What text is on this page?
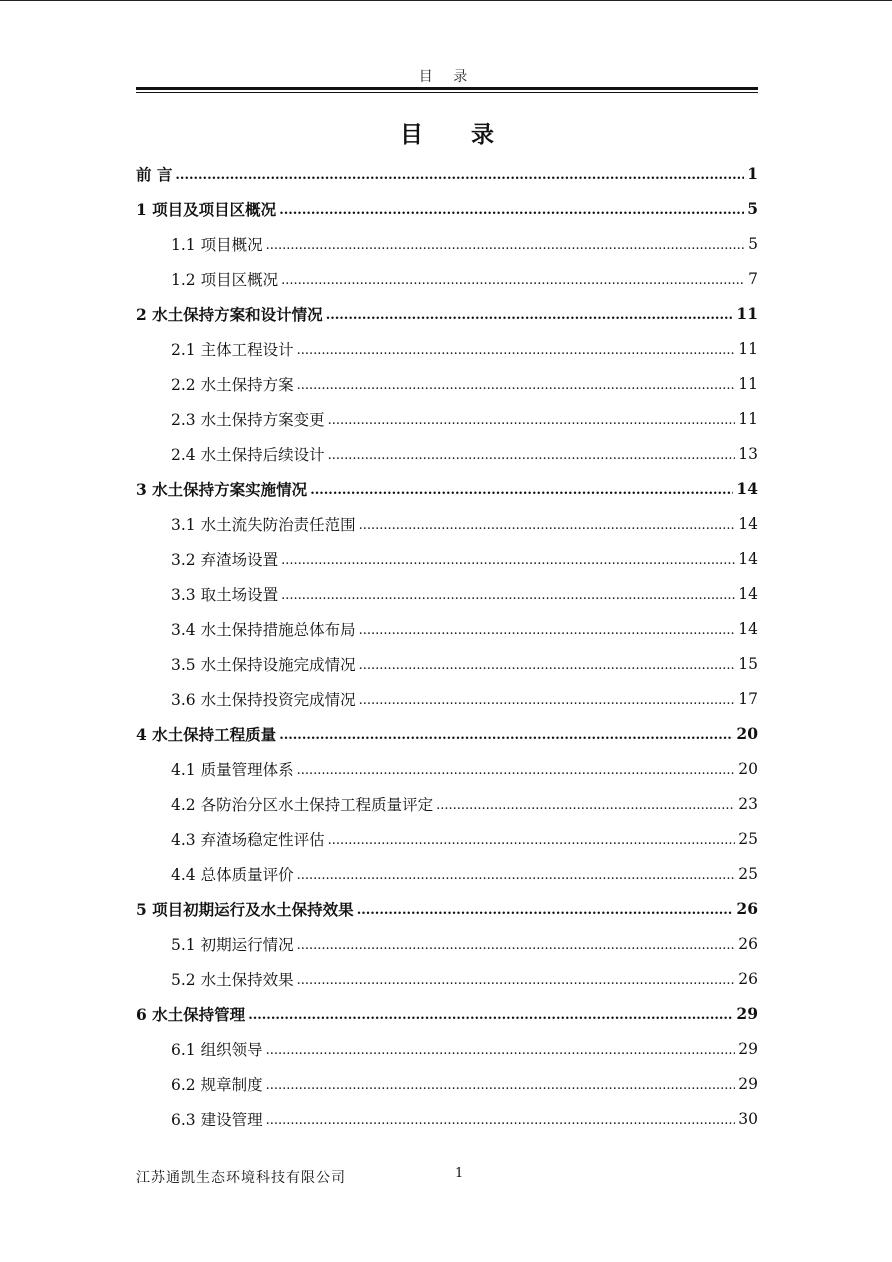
目 录
目 录
前 言 .....	1
1 项目及项目区概况 .....	5
1.1 项目概况 .....	5
1.2 项目区概况 .....	7
2 水土保持方案和设计情况 .....	11
2.1 主体工程设计 .....	11
2.2 水土保持方案 .....	11
2.3 水土保持方案变更 .....	11
2.4 水土保持后续设计 .....	13
3 水土保持方案实施情况 .....	14
3.1 水土流失防治责任范围 .....	14
3.2 弃渣场设置 .....	14
3.3 取土场设置 .....	14
3.4 水土保持措施总体布局 .....	14
3.5 水土保持设施完成情况 .....	15
3.6 水土保持投资完成情况 .....	17
4 水土保持工程质量 .....	20
4.1 质量管理体系 .....	20
4.2 各防治分区水土保持工程质量评定 .....	23
4.3 弃渣场稳定性评估 .....	25
4.4 总体质量评价 .....	25
5 项目初期运行及水土保持效果 .....	26
5.1 初期运行情况 .....	26
5.2 水土保持效果 .....	26
6 水土保持管理 .....	29
6.1 组织领导 .....	29
6.2 规章制度 .....	29
6.3 建设管理 .....	30
江苏通凯生态环境科技有限公司	1
